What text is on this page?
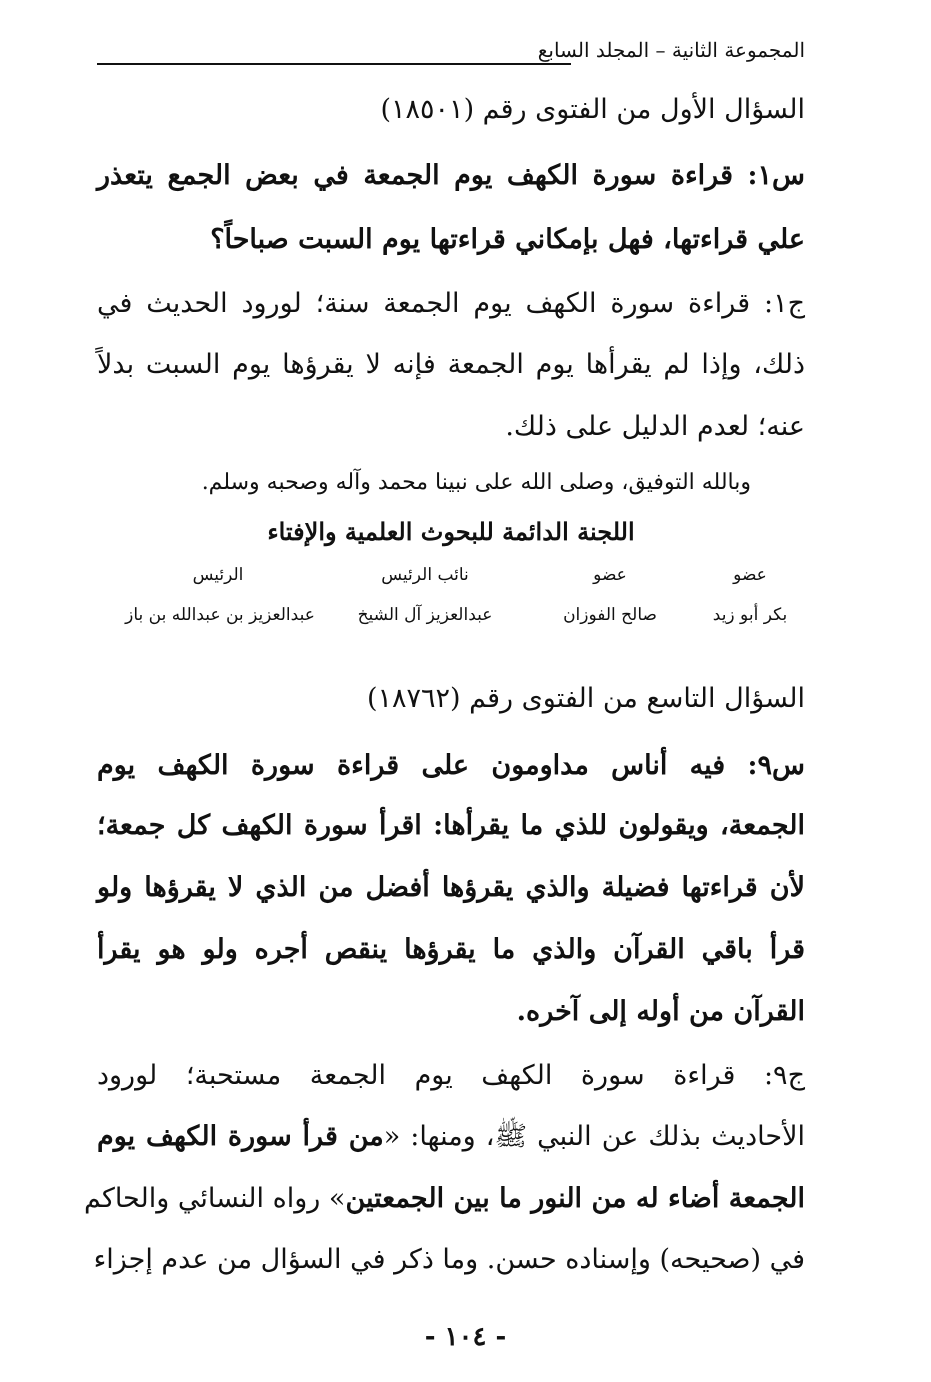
المجموعة الثانية – المجلد السابع
السؤال الأول من الفتوى رقم (١٨٥٠١)
س١: قراءة سورة الكهف يوم الجمعة في بعض الجمع يتعذر
علي قراءتها، فهل بإمكاني قراءتها يوم السبت صباحاً؟
ج١: قراءة سورة الكهف يوم الجمعة سنة؛ لورود الحديث في
ذلك، وإذا لم يقرأها يوم الجمعة فإنه لا يقرؤها يوم السبت بدلاً
عنه؛ لعدم الدليل على ذلك.
وبالله التوفيق، وصلى الله على نبينا محمد وآله وصحبه وسلم.
اللجنة الدائمة للبحوث العلمية والإفتاء
عضو
عضو
نائب الرئيس
الرئيس
بكر أبو زيد
صالح الفوزان
عبدالعزيز آل الشيخ
عبدالعزيز بن عبدالله بن باز
السؤال التاسع من الفتوى رقم (١٨٧٦٢)
س٩: فيه أناس مداومون على قراءة سورة الكهف يوم
الجمعة، ويقولون للذي ما يقرأها: اقرأ سورة الكهف كل جمعة؛
لأن قراءتها فضيلة والذي يقرؤها أفضل من الذي لا يقرؤها ولو
قرأ باقي القرآن والذي ما يقرؤها ينقص أجره ولو هو يقرأ
القرآن من أوله إلى آخره.
ج٩: قراءة سورة الكهف يوم الجمعة مستحبة؛ لورود
الأحاديث بذلك عن النبي ﷺ، ومنها: «من قرأ سورة الكهف يوم
الجمعة أضاء له من النور ما بين الجمعتين» رواه النسائي والحاكم
في (صحيحه) وإسناده حسن. وما ذكر في السؤال من عدم إجزاء
- ١٠٤ -
